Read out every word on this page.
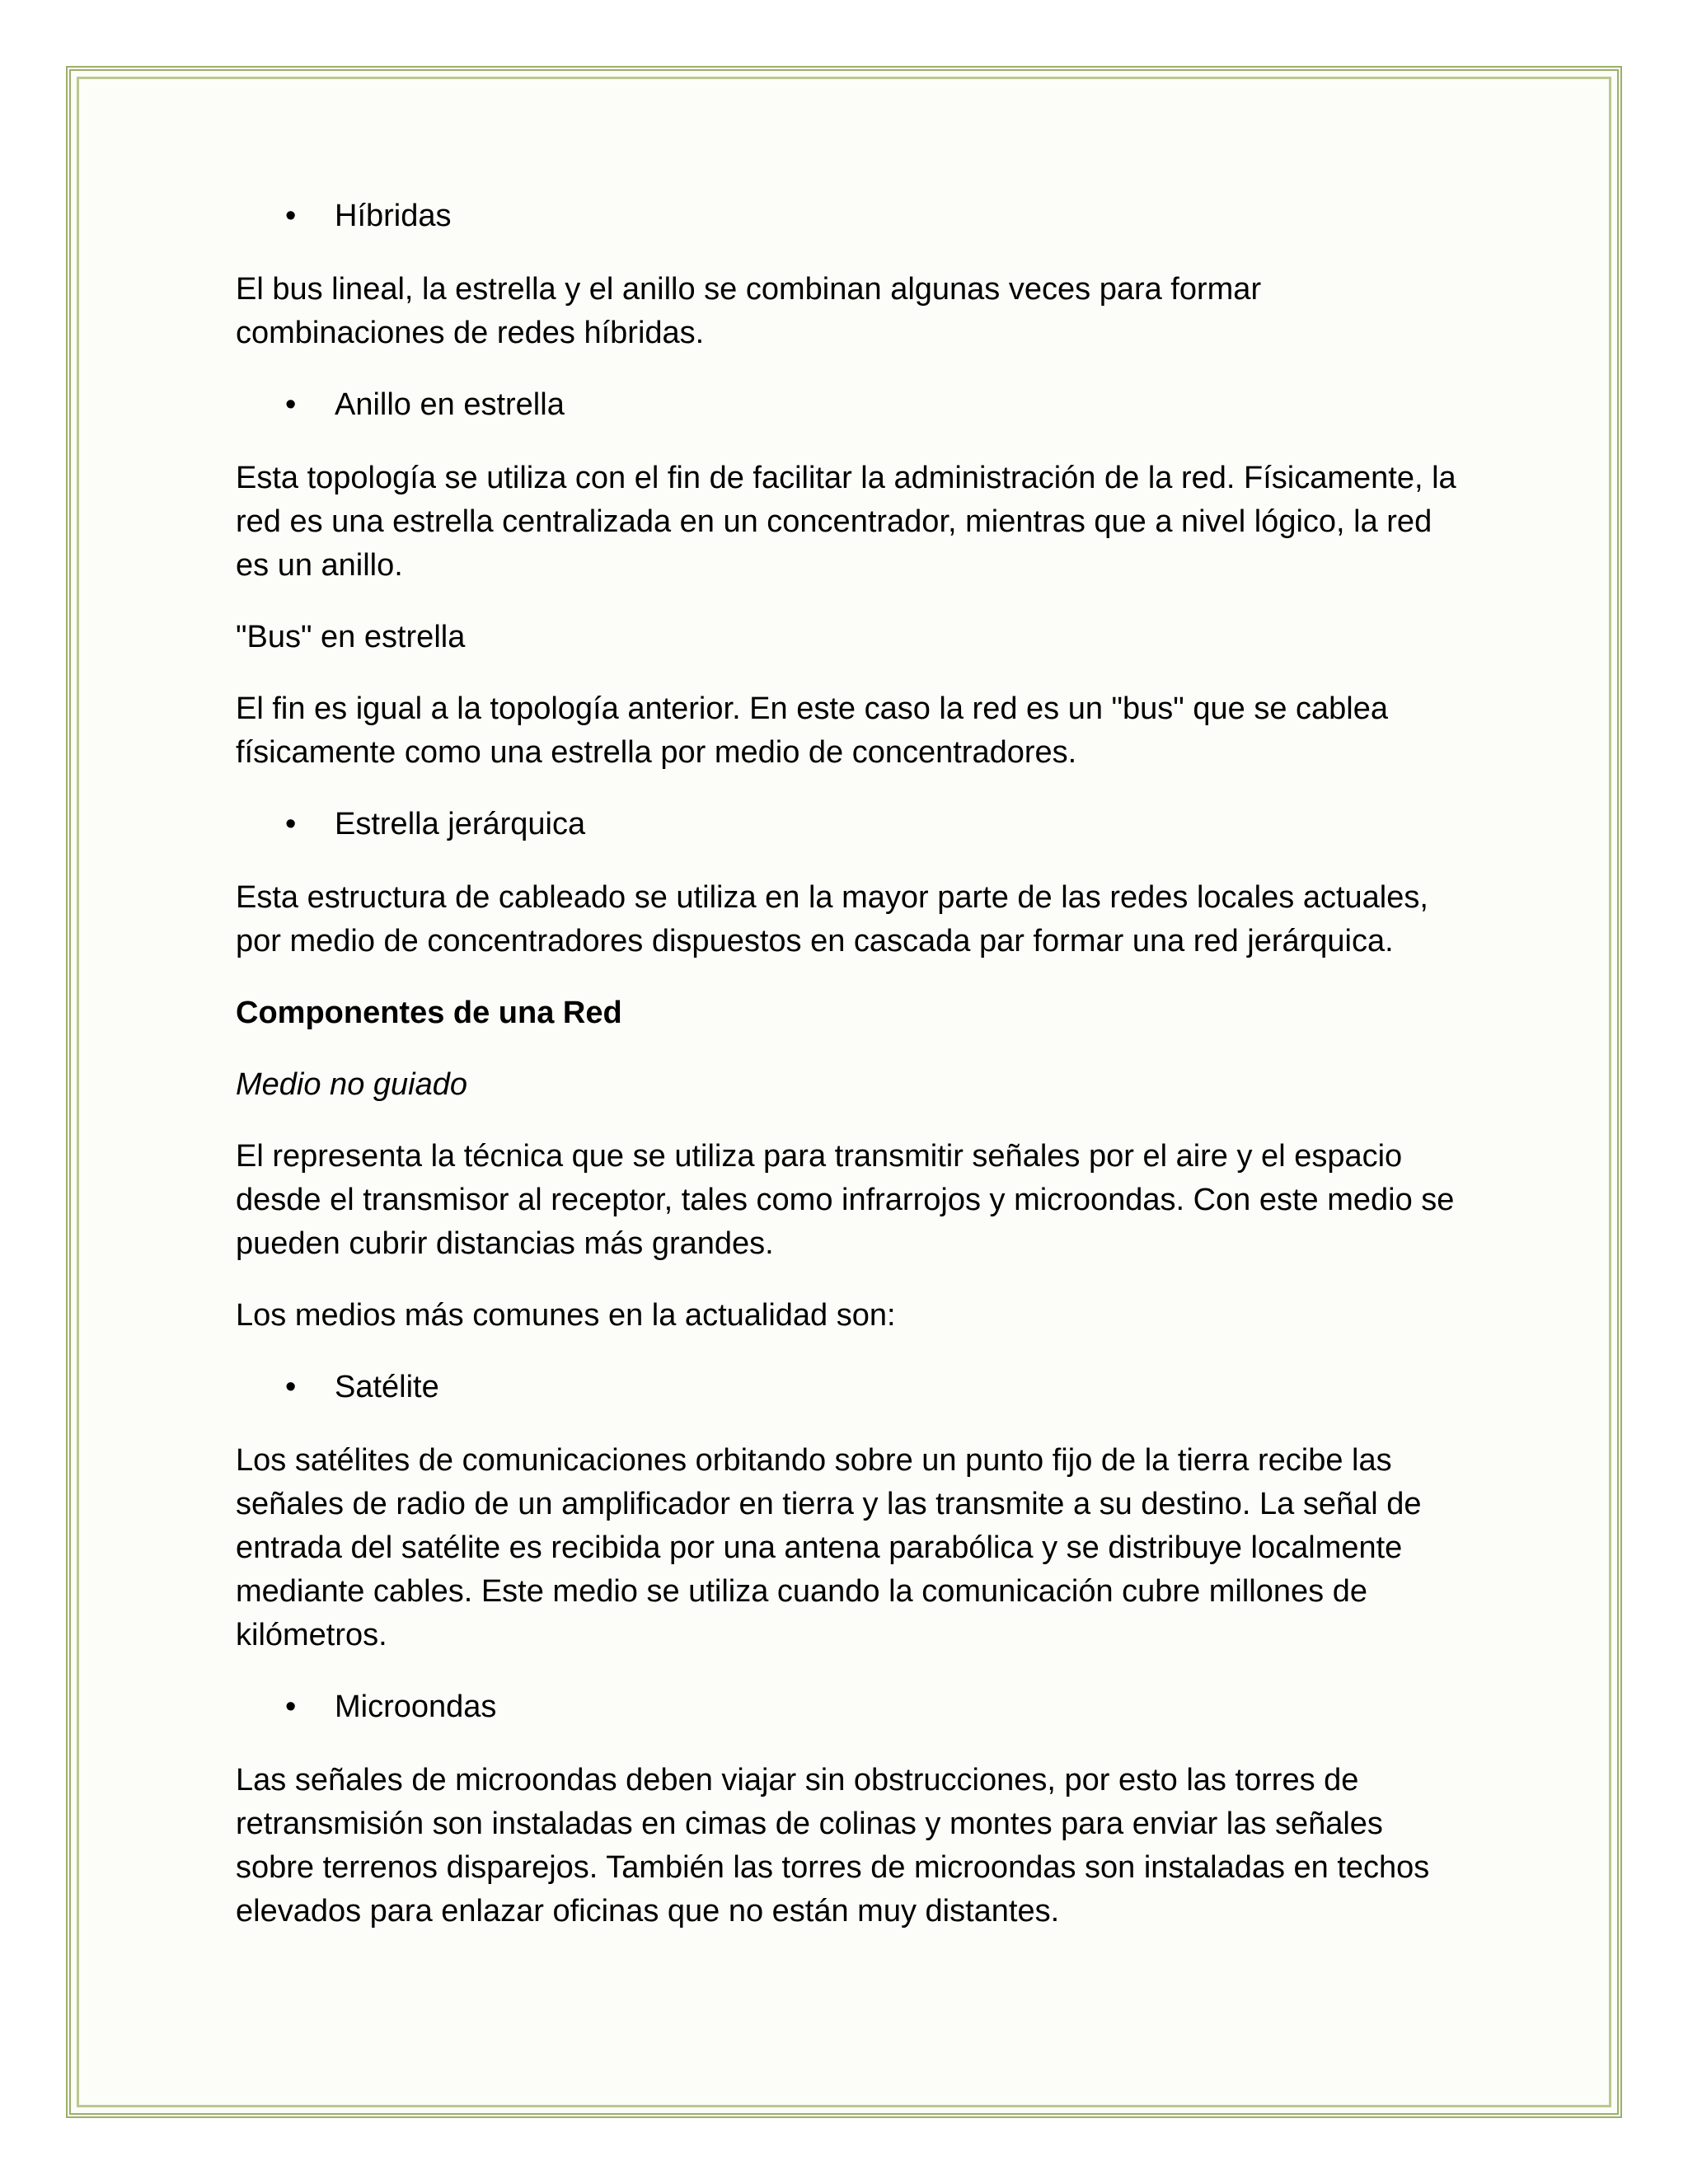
• Híbridas

El bus lineal, la estrella y el anillo se combinan algunas veces para formar combinaciones de redes híbridas.

• Anillo en estrella

Esta topología se utiliza con el fin de facilitar la administración de la red. Físicamente, la red es una estrella centralizada en un concentrador, mientras que a nivel lógico, la red es un anillo.

"Bus" en estrella

El fin es igual a la topología anterior. En este caso la red es un "bus" que se cablea físicamente como una estrella por medio de concentradores.

• Estrella jerárquica

Esta estructura de cableado se utiliza en la mayor parte de las redes locales actuales, por medio de concentradores dispuestos en cascada par formar una red jerárquica.

Componentes de una Red

Medio no guiado

El representa la técnica que se utiliza para transmitir señales por el aire y el espacio desde el transmisor al receptor, tales como infrarrojos y microondas. Con este medio se pueden cubrir distancias más grandes.

Los medios más comunes en la actualidad son:

• Satélite

Los satélites de comunicaciones orbitando sobre un punto fijo de la tierra recibe las señales de radio de un amplificador en tierra y las transmite a su destino. La señal de entrada del satélite es recibida por una antena parabólica y se distribuye localmente mediante cables. Este medio se utiliza cuando la comunicación cubre millones de kilómetros.

• Microondas

Las señales de microondas deben viajar sin obstrucciones, por esto las torres de retransmisión son instaladas en cimas de colinas y montes para enviar las señales sobre terrenos disparejos. También las torres de microondas son instaladas en techos elevados para enlazar oficinas que no están muy distantes.
